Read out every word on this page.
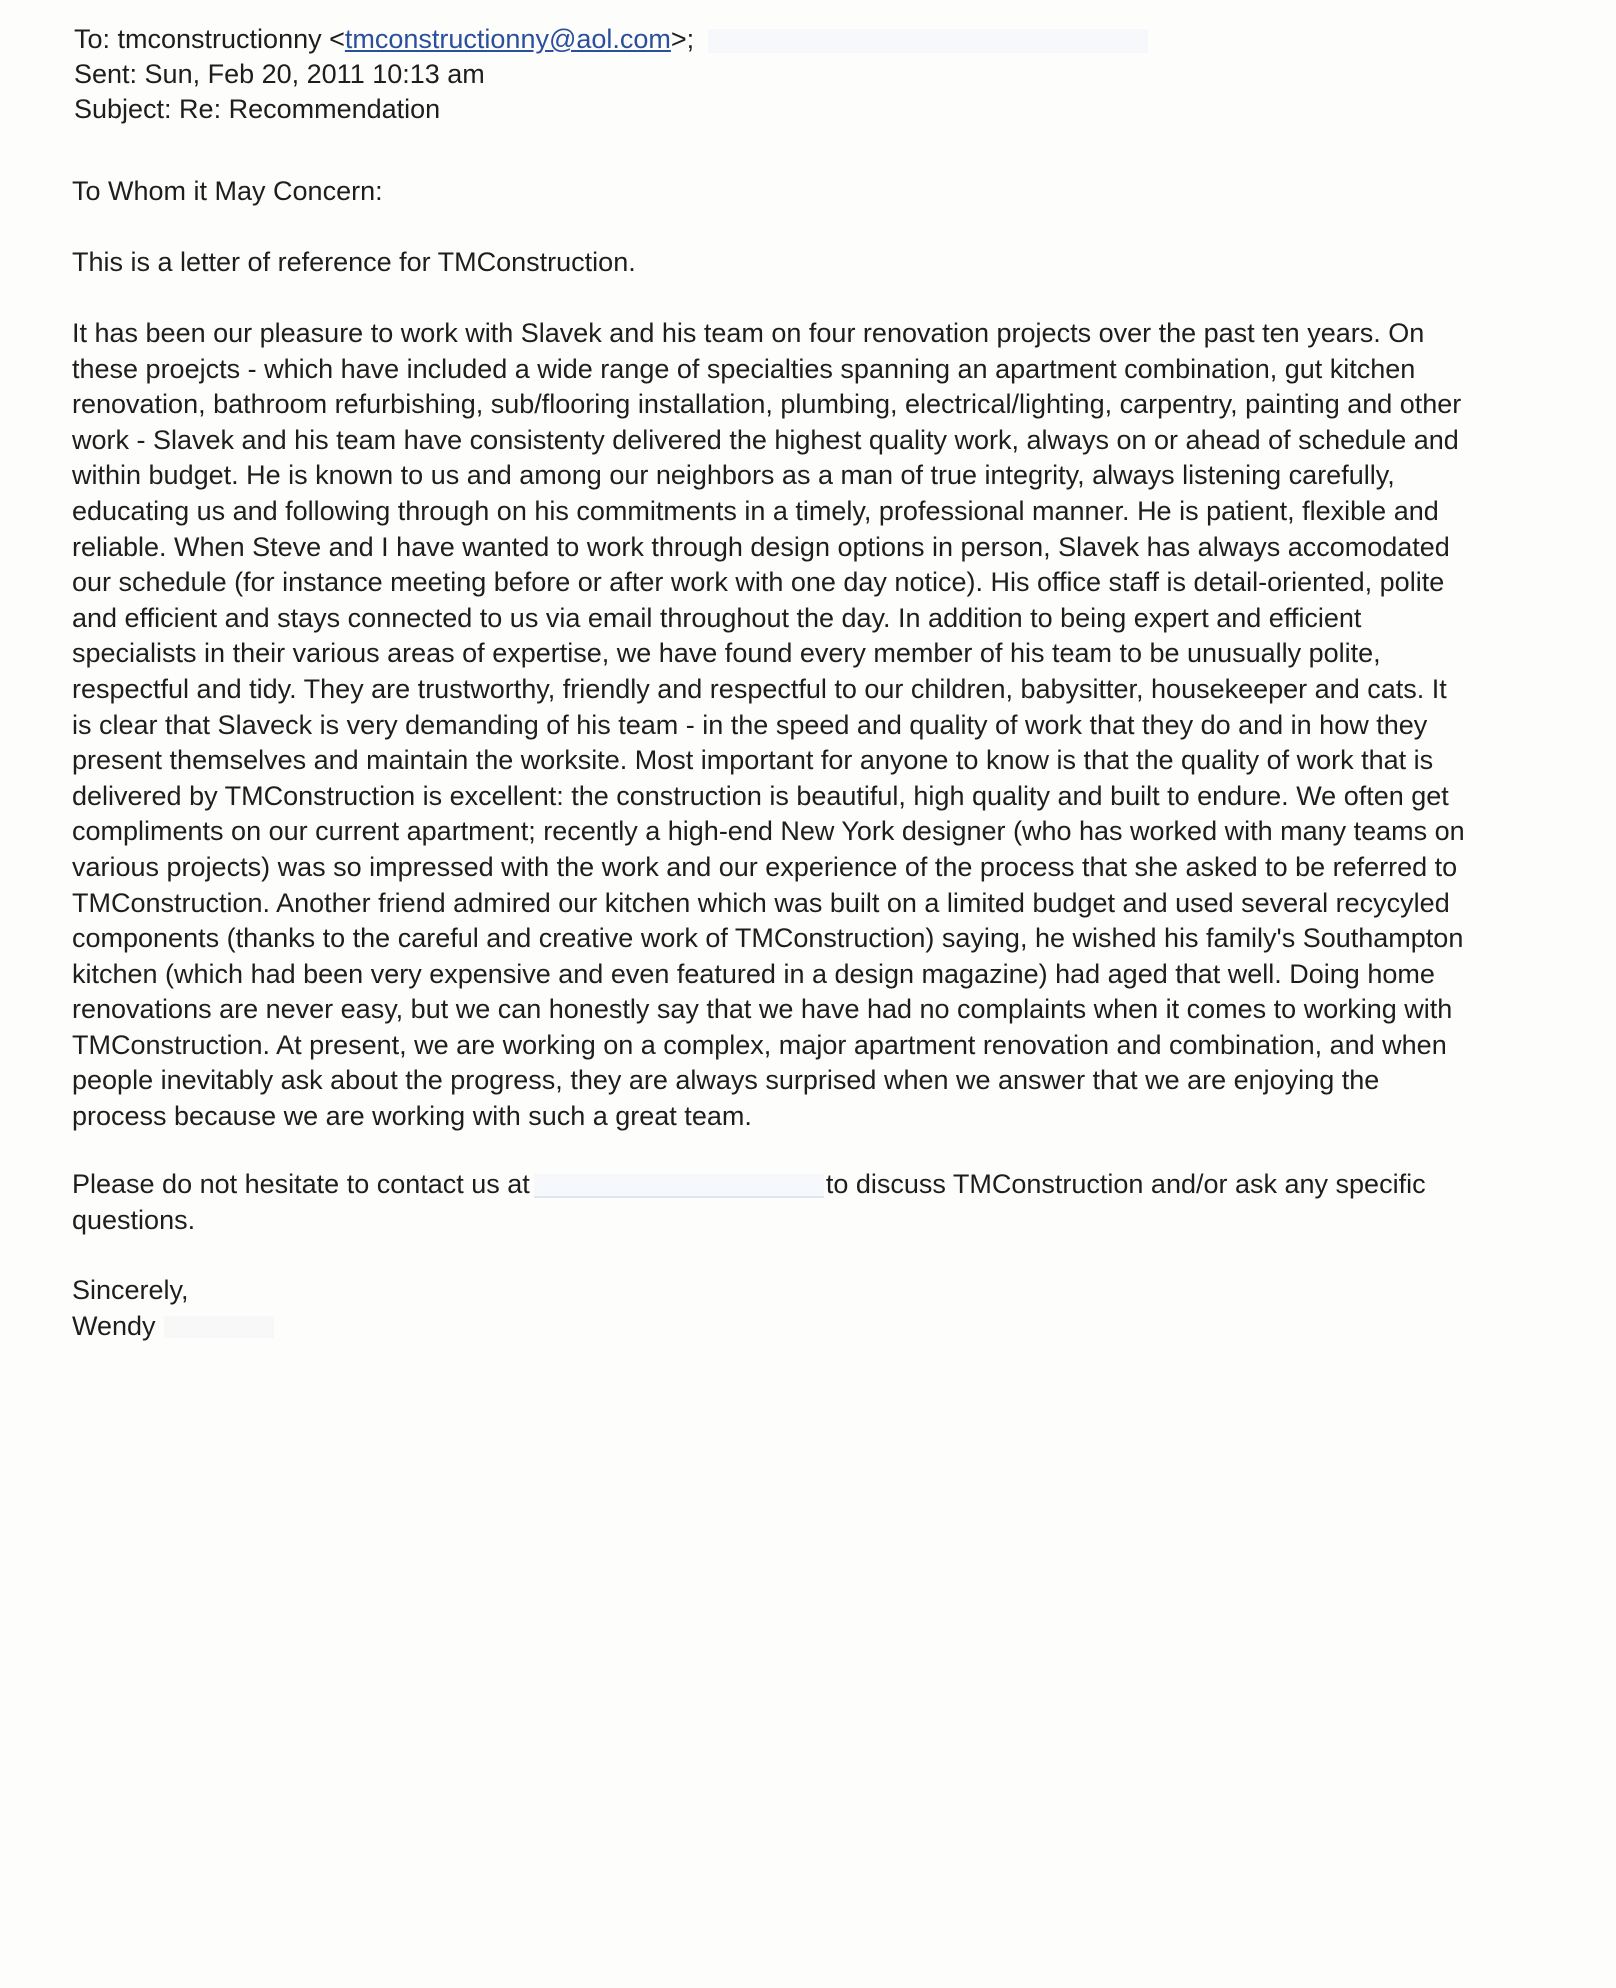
To: tmconstructionny <tmconstructionny@aol.com>;
Sent: Sun, Feb 20, 2011 10:13 am
Subject: Re: Recommendation
To Whom it May Concern:
This is a letter of reference for TMConstruction.
It has been our pleasure to work with Slavek and his team on four renovation projects over the past ten years. On
these proejcts - which have included a wide range of specialties spanning an apartment combination, gut kitchen
renovation, bathroom refurbishing, sub/flooring installation, plumbing, electrical/lighting, carpentry, painting and other
work - Slavek and his team have consistenty delivered the highest quality work, always on or ahead of schedule and
within budget. He is known to us and among our neighbors as a man of true integrity, always listening carefully,
educating us and following through on his commitments in a timely, professional manner. He is patient, flexible and
reliable. When Steve and I have wanted to work through design options in person, Slavek has always accomodated
our schedule (for instance meeting before or after work with one day notice). His office staff is detail-oriented, polite
and efficient and stays connected to us via email throughout the day. In addition to being expert and efficient
specialists in their various areas of expertise, we have found every member of his team to be unusually polite,
respectful and tidy. They are trustworthy, friendly and respectful to our children, babysitter, housekeeper and cats. It
is clear that Slaveck is very demanding of his team - in the speed and quality of work that they do and in how they
present themselves and maintain the worksite. Most important for anyone to know is that the quality of work that is
delivered by TMConstruction is excellent: the construction is beautiful, high quality and built to endure. We often get
compliments on our current apartment; recently a high-end New York designer (who has worked with many teams on
various projects) was so impressed with the work and our experience of the process that she asked to be referred to
TMConstruction. Another friend admired our kitchen which was built on a limited budget and used several recycyled
components (thanks to the careful and creative work of TMConstruction) saying, he wished his family's Southampton
kitchen (which had been very expensive and even featured in a design magazine) had aged that well. Doing home
renovations are never easy, but we can honestly say that we have had no complaints when it comes to working with
TMConstruction. At present, we are working on a complex, major apartment renovation and combination, and when
people inevitably ask about the progress, they are always surprised when we answer that we are enjoying the
process because we are working with such a great team.
Please do not hesitate to contact us at	to discuss TMConstruction and/or ask any specific
questions.
Sincerely,
Wendy
